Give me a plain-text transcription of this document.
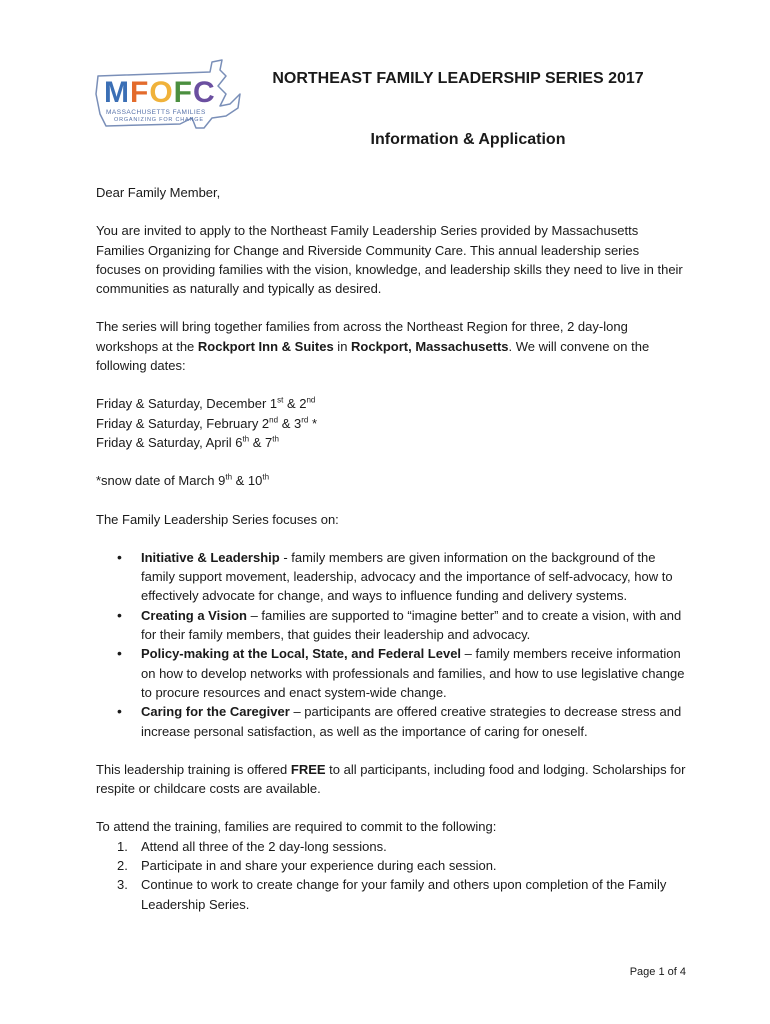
MFOFC
MASSACHUSETTS FAMILIES
ORGANIZING FOR CHANGE
NORTHEAST FAMILY LEADERSHIP SERIES 2017
Information & Application

Dear Family Member,

You are invited to apply to the Northeast Family Leadership Series provided by Massachusetts Families Organizing for Change and Riverside Community Care. This annual leadership series focuses on providing families with the vision, knowledge, and leadership skills they need to live in their communities as naturally and typically as desired.

The series will bring together families from across the Northeast Region for three, 2 day-long workshops at the Rockport Inn & Suites in Rockport, Massachusetts. We will convene on the following dates:

Friday & Saturday, December 1st & 2nd

Friday & Saturday, February 2nd & 3rd *

Friday & Saturday, April 6th & 7th

*snow date of March 9th & 10th

The Family Leadership Series focuses on:

• Initiative & Leadership - family members are given information on the background of the family support movement, leadership, advocacy and the importance of self-advocacy, how to effectively advocate for change, and ways to influence funding and delivery systems.
• Creating a Vision – families are supported to “imagine better” and to create a vision, with and for their family members, that guides their leadership and advocacy.
• Policy-making at the Local, State, and Federal Level – family members receive information on how to develop networks with professionals and families, and how to use legislative change to procure resources and enact system-wide change.
• Caring for the Caregiver – participants are offered creative strategies to decrease stress and increase personal satisfaction, as well as the importance of caring for oneself.

This leadership training is offered FREE to all participants, including food and lodging. Scholarships for respite or childcare costs are available.

To attend the training, families are required to commit to the following:
1. Attend all three of the 2 day-long sessions.
2. Participate in and share your experience during each session.
3. Continue to work to create change for your family and others upon completion of the Family Leadership Series.
Page 1 of 4
